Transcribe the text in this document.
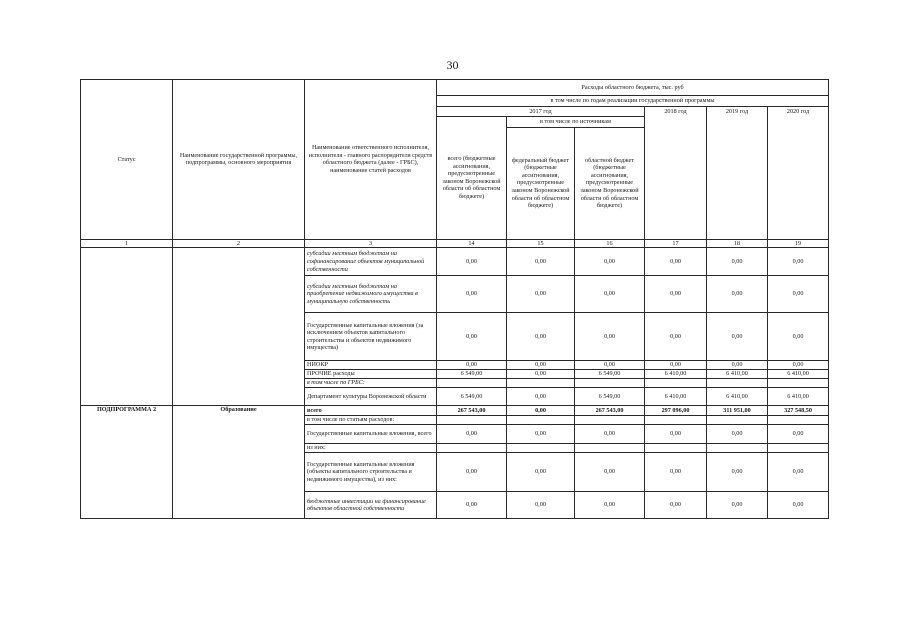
30
Статус	Наименование государственной программы, подпрограммы, основного мероприятия	Наименование ответственного исполнителя, исполнителя - главного распорядителя средств областного бюджета (далее - ГРБС), наименование статей расходов	Расходы областного бюджета, тыс. руб					
			в том числе по годам реализации государственной программы					
			2017 год			2018 год	2019 год	2020 год
			всего (бюджетные ассигнования, предусмотренные законом Воронежской области об областном бюджете)	в том числе по источникам				
				федеральный бюджет (бюджетные ассигнования, предусмотренные законом Воронежской области об областном бюджете)	областной бюджет (бюджетные ассигнования, предусмотренные законом Воронежской области об областном бюджете)			
1	2	3	14	15	16	17	18	19
		субсидии местным бюджетам на софинансирование объектов муниципальной собственности	0,00	0,00	0,00	0,00	0,00	0,00
		субсидии местным бюджетам на приобретение недвижимого имущества в муниципальную собственность	0,00	0,00	0,00	0,00	0,00	0,00
		Государственные капитальные вложения (за исключением объектов капитального строительства и объектов недвижимого имущества)	0,00	0,00	0,00	0,00	0,00	0,00
		НИОКР	0,00	0,00	0,00	0,00	0,00	0,00
		ПРОЧИЕ расходы	6 549,00	0,00	6 549,00	6 410,00	6 410,00	6 410,00
		в том числе по ГРБС:						
		Департамент культуры Воронежской области	6 549,00	0,00	6 549,00	6 410,00	6 410,00	6 410,00
ПОДПРОГРАММА 2	Образование	всего	267 543,00	0,00	267 543,00	297 096,00	311 951,00	327 548,50
		в том числе по статьям расходов:						
		Государственные капитальные вложения, всего	0,00	0,00	0,00	0,00	0,00	0,00
		из них:						
		Государственные капитальные вложения (объекты капитального строительства и недвижимого имущества), из них:	0,00	0,00	0,00	0,00	0,00	0,00
		бюджетные инвестиции на финансирование объектов областной собственности	0,00	0,00	0,00	0,00	0,00	0,00
